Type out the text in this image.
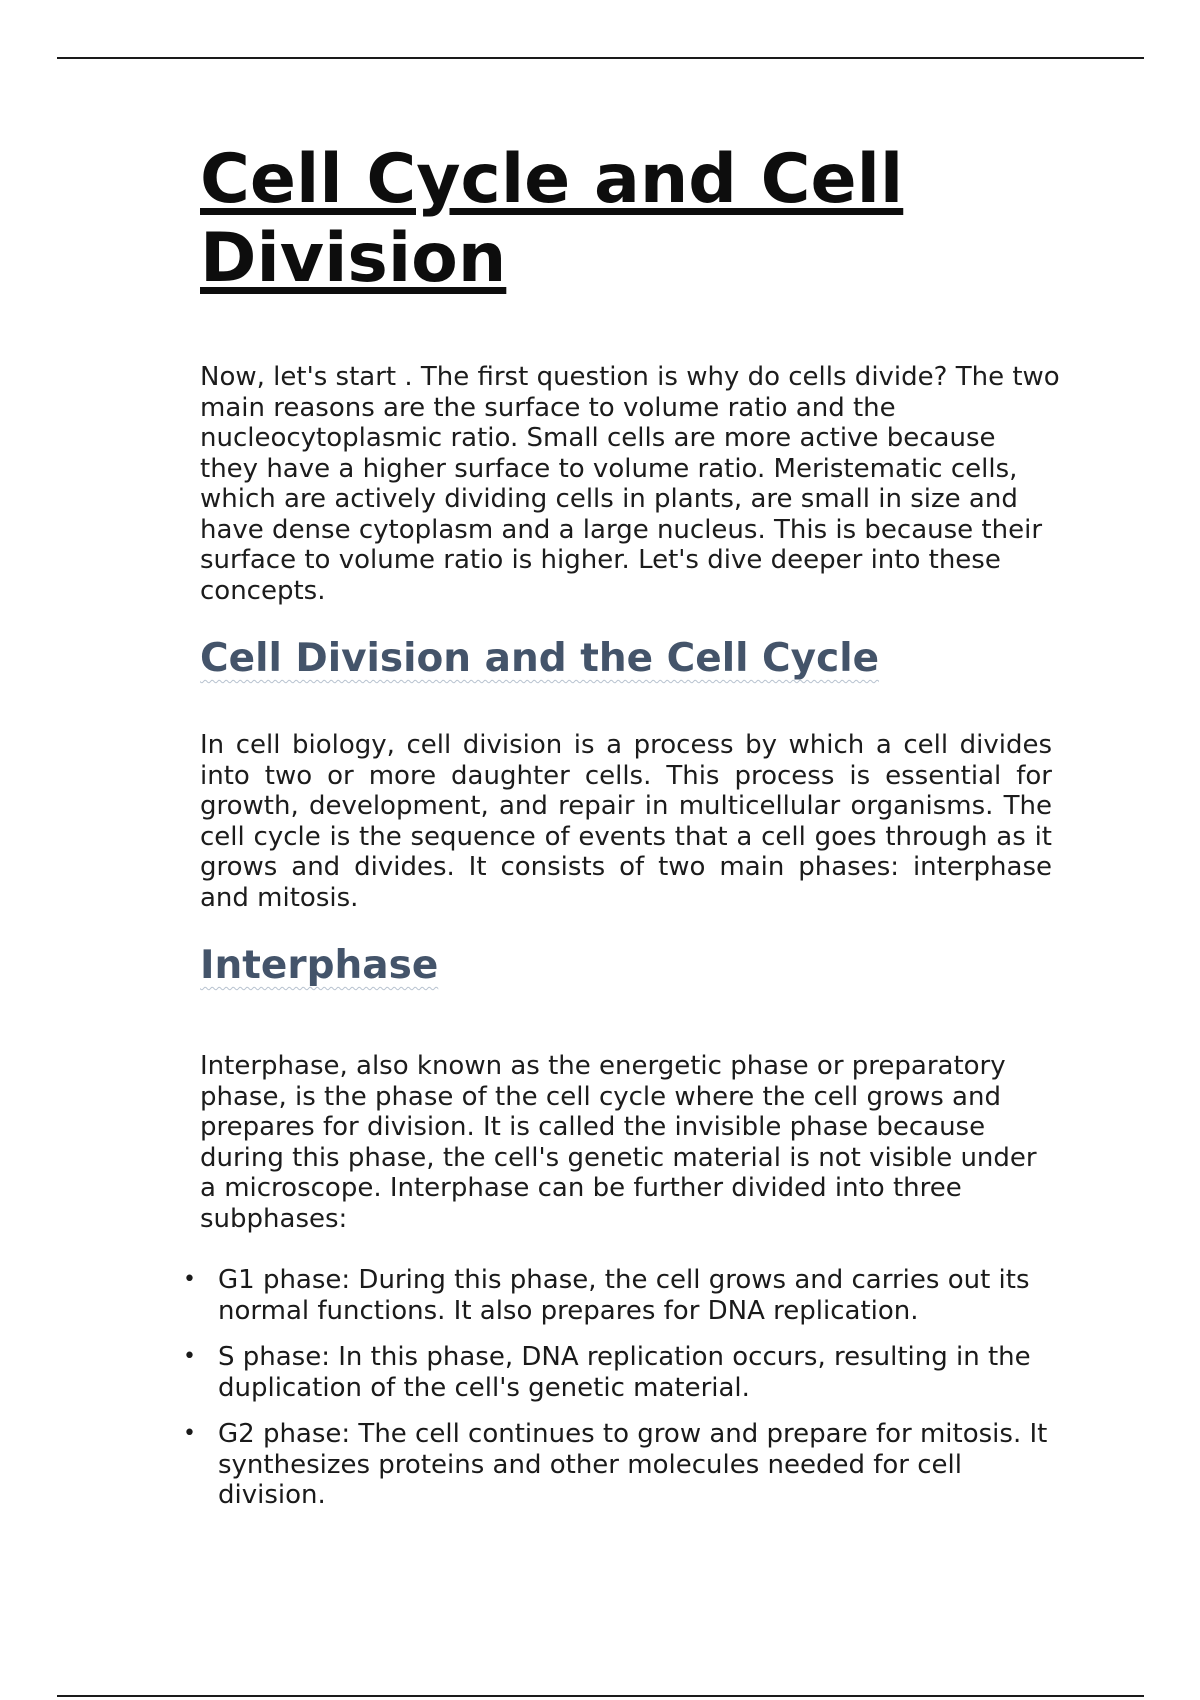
Cell Cycle and Cell Division

Now, let's start . The first question is why do cells divide? The two main reasons are the surface to volume ratio and the nucleocytoplasmic ratio. Small cells are more active because they have a higher surface to volume ratio. Meristematic cells, which are actively dividing cells in plants, are small in size and have dense cytoplasm and a large nucleus. This is because their surface to volume ratio is higher. Let's dive deeper into these concepts.

Cell Division and the Cell Cycle

In cell biology, cell division is a process by which a cell divides into two or more daughter cells. This process is essential for growth, development, and repair in multicellular organisms. The cell cycle is the sequence of events that a cell goes through as it grows and divides. It consists of two main phases: interphase and mitosis.

Interphase

Interphase, also known as the energetic phase or preparatory phase, is the phase of the cell cycle where the cell grows and prepares for division. It is called the invisible phase because during this phase, the cell's genetic material is not visible under a microscope. Interphase can be further divided into three subphases:

• G1 phase: During this phase, the cell grows and carries out its normal functions. It also prepares for DNA replication.
• S phase: In this phase, DNA replication occurs, resulting in the duplication of the cell's genetic material.
• G2 phase: The cell continues to grow and prepare for mitosis. It synthesizes proteins and other molecules needed for cell division.
